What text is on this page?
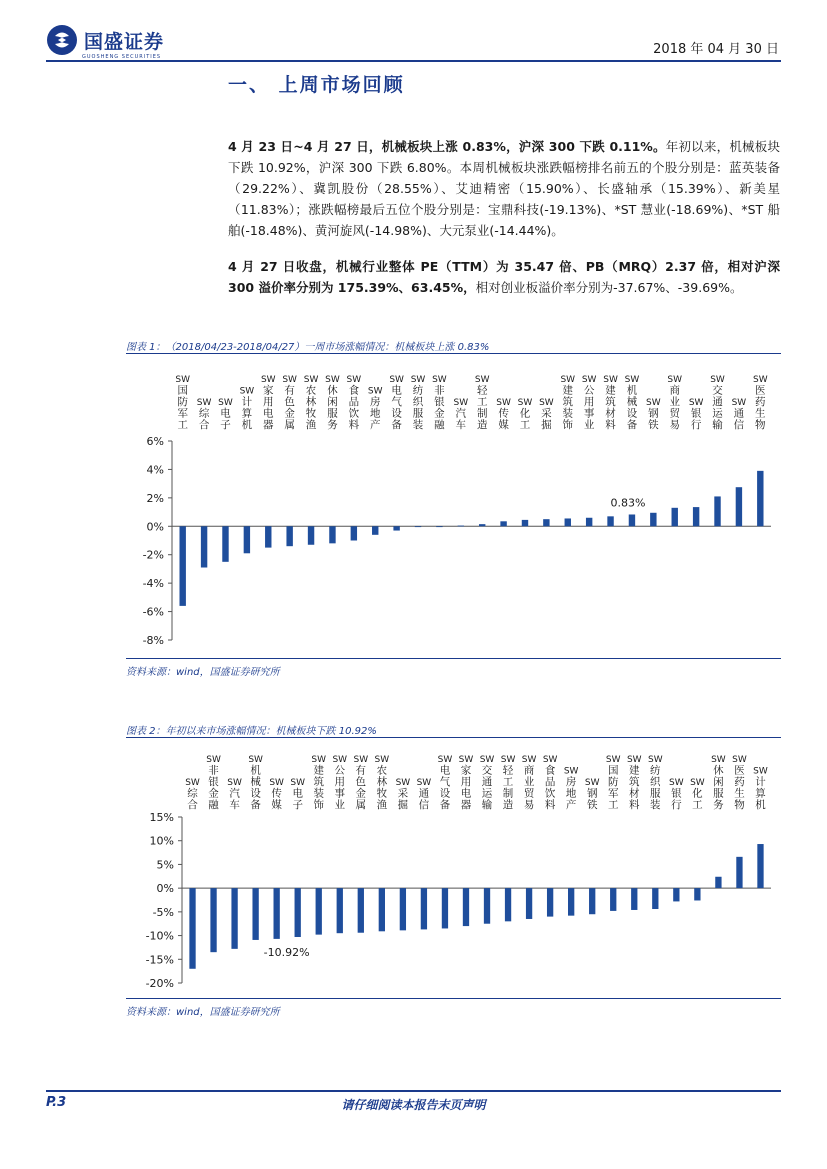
国盛证券
GUOSHENG SECURITIES	2018 年 04 月 30 日
一、 上周市场回顾
4 月 23 日~4 月 27 日，机械板块上涨 0.83%，沪深 300 下跌 0.11%。年初以来，机械板块下跌 10.92%，沪深 300 下跌 6.80%。本周机械板块涨跌幅榜排名前五的个股分别是：蓝英装备（29.22%）、冀凯股份（28.55%）、艾迪精密（15.90%）、长盛轴承（15.39%）、新美星（11.83%）；涨跌幅榜最后五位个股分别是：宝鼎科技(-19.13%)、*ST 慧业(-18.69%)、*ST 船舶(-18.48%)、黄河旋风(-14.98%)、大元泵业(-14.44%)。
4 月 27 日收盘，机械行业整体 PE（TTM）为 35.47 倍、PB（MRQ）2.37 倍，相对沪深 300 溢价率分别为 175.39%、63.45%，相对创业板溢价率分别为-37.67%、-39.69%。
图表 1：（2018/04/23-2018/04/27）一周市场涨幅情况：机械板块上涨 0.83%
6%
4%
2%
0%
-2%
-4%
-6%
-8%
SW 国防军工
SW 综合
SW 电子
SW 计算机
SW 家用电器
SW 有色金属
SW 农林牧渔
SW 休闲服务
SW 食品饮料
SW 房地产
SW 电气设备
SW 纺织服装
SW 非银金融
SW 汽车
SW 轻工制造
SW 传媒
SW 化工
SW 采掘
SW 建筑装饰
SW 公用事业
SW 建筑材料
SW 机械设备
SW 钢铁
SW 商业贸易
SW 银行
SW 交通运输
SW 通信
SW 医药生物
0.83%
资料来源：wind，国盛证券研究所
图表 2：年初以来市场涨幅情况：机械板块下跌 10.92%
15%
10%
5%
0%
-5%
-10%
-15%
-20%
SW 综合
SW 非银金融
SW 汽车
SW 机械设备
SW 传媒
SW 电子
SW 建筑装饰
SW 公用事业
SW 有色金属
SW 农林牧渔
SW 采掘
SW 通信
SW 电气设备
SW 家用电器
SW 交通运输
SW 轻工制造
SW 商业贸易
SW 食品饮料
SW 房地产
SW 钢铁
SW 国防军工
SW 建筑材料
SW 纺织服装
SW 银行
SW 化工
SW 休闲服务
SW 医药生物
SW 计算机
-10.92%
资料来源：wind，国盛证券研究所
P.3	请仔细阅读本报告末页声明
